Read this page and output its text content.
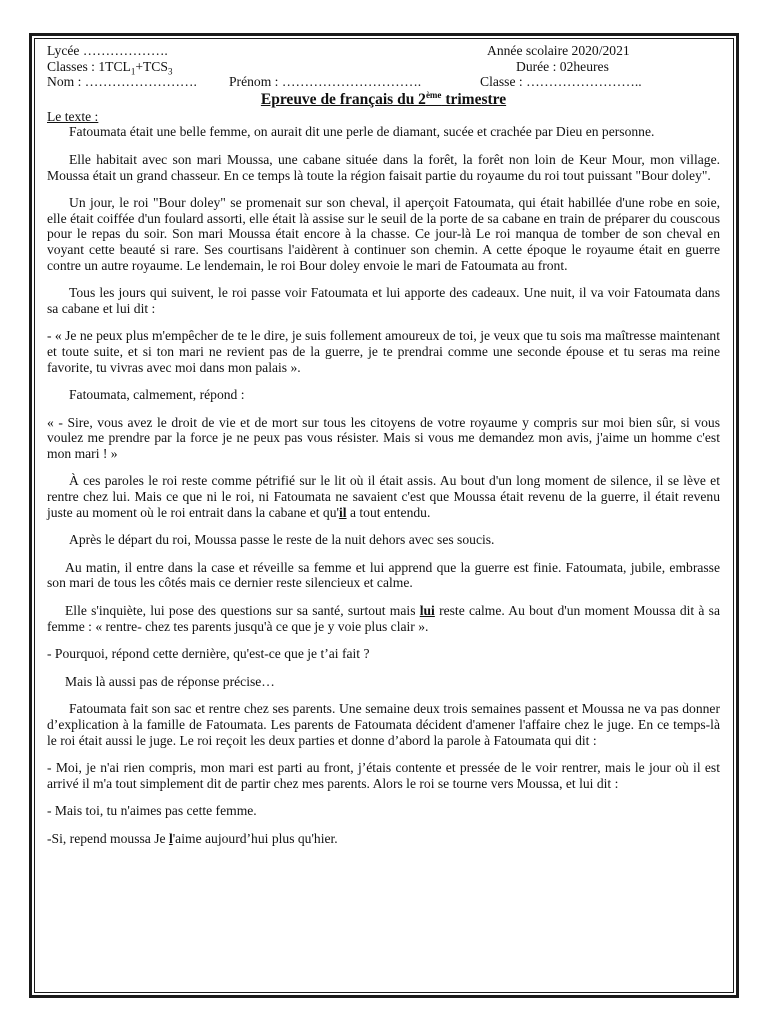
Lycée ……………….	Année scolaire 2020/2021
Classes : $1TCL_1+TCS_3$	Durée : 02heures
Nom : …………………….	Prénom : ………………………….	Classe : ……………………..
Epreuve de français du 2ème trimestre
Le texte :

Fatoumata était une belle femme, on aurait dit une perle de diamant, sucée et crachée par Dieu en personne.

Elle habitait avec son mari Moussa, une cabane située dans la forêt, la forêt non loin de Keur Mour, mon village. Moussa était un grand chasseur. En ce temps là toute la région faisait partie du royaume du roi tout puissant "Bour doley".

Un jour, le roi "Bour doley" se promenait sur son cheval, il aperçoit Fatoumata, qui était habillée d'une robe en soie, elle était coiffée d'un foulard assorti, elle était là assise sur le seuil de la porte de sa cabane en train de préparer du couscous pour le repas du soir. Son mari Moussa était encore à la chasse. Ce jour-là Le roi manqua de tomber de son cheval en voyant cette beauté si rare. Ses courtisans l'aidèrent à continuer son chemin. A cette époque le royaume était en guerre contre un autre royaume. Le lendemain, le roi Bour doley envoie le mari de Fatoumata au front.

Tous les jours qui suivent, le roi passe voir Fatoumata et lui apporte des cadeaux. Une nuit, il va voir Fatoumata dans sa cabane et lui dit :

- « Je ne peux plus m'empêcher de te le dire, je suis follement amoureux de toi, je veux que tu sois ma maîtresse maintenant et toute suite, et si ton mari ne revient pas de la guerre, je te prendrai comme une seconde épouse et tu seras ma reine favorite, tu vivras avec moi dans mon palais ».

Fatoumata, calmement, répond :

« - Sire, vous avez le droit de vie et de mort sur tous les citoyens de votre royaume y compris sur moi bien sûr, si vous voulez me prendre par la force je ne peux pas vous résister. Mais si vous me demandez mon avis, j'aime un homme c'est mon mari ! »

À ces paroles le roi reste comme pétrifié sur le lit où il était assis. Au bout d'un long moment de silence, il se lève et rentre chez lui. Mais ce que ni le roi, ni Fatoumata ne savaient c'est que Moussa était revenu de la guerre, il était revenu juste au moment où le roi entrait dans la cabane et qu'il a tout entendu.

Après le départ du roi, Moussa passe le reste de la nuit dehors avec ses soucis.

Au matin, il entre dans la case et réveille sa femme et lui apprend que la guerre est finie. Fatoumata, jubile, embrasse son mari de tous les côtés mais ce dernier reste silencieux et calme.

Elle s'inquiète, lui pose des questions sur sa santé, surtout mais lui reste calme. Au bout d'un moment Moussa dit à sa femme : « rentre- chez tes parents jusqu'à ce que je y voie plus clair ».

- Pourquoi, répond cette dernière, qu'est-ce que je t’ai fait ?

Mais là aussi pas de réponse précise…

Fatoumata fait son sac et rentre chez ses parents. Une semaine deux trois semaines passent et Moussa ne va pas donner d’explication à la famille de Fatoumata. Les parents de Fatoumata décident d'amener l'affaire chez le juge. En ce temps-là le roi était aussi le juge. Le roi reçoit les deux parties et donne d’abord la parole à Fatoumata qui dit :

- Moi, je n'ai rien compris, mon mari est parti au front, j’étais contente et pressée de le voir rentrer, mais le jour où il est arrivé il m'a tout simplement dit de partir chez mes parents. Alors le roi se tourne vers Moussa, et lui dit :

- Mais toi, tu n'aimes pas cette femme.

-Si, repend moussa Je l'aime aujourd’hui plus qu'hier.
